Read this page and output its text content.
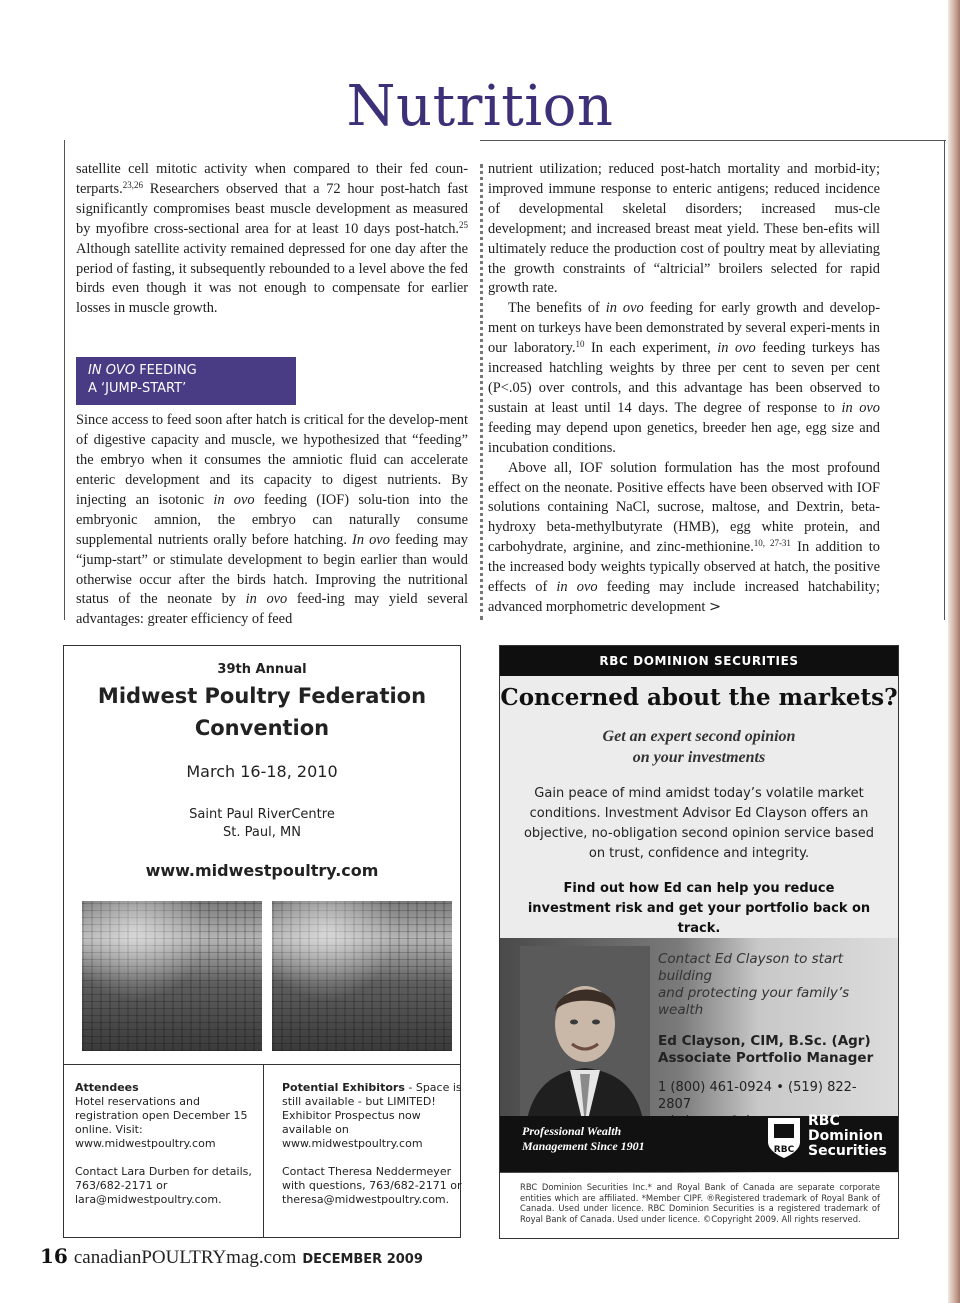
Nutrition

satellite cell mitotic activity when compared to their fed coun-terparts.$^{23,26}$ Researchers observed that a 72 hour post-hatch fast significantly compromises beast muscle development as measured by myofibre cross-sectional area for at least 10 days post-hatch.$^{25}$ Although satellite activity remained depressed for one day after the period of fasting, it subsequently rebounded to a level above the fed birds even though it was not enough to compensate for earlier losses in muscle growth.

IN OVO FEEDING
A ‘JUMP-START’

Since access to feed soon after hatch is critical for the develop-ment of digestive capacity and muscle, we hypothesized that “feeding” the embryo when it consumes the amniotic fluid can accelerate enteric development and its capacity to digest nutrients. By injecting an isotonic in ovo feeding (IOF) solu-tion into the embryonic amnion, the embryo can naturally consume supplemental nutrients orally before hatching. In ovo feeding may “jump-start” or stimulate development to begin earlier than would otherwise occur after the birds hatch. Improving the nutritional status of the neonate by in ovo feed-ing may yield several advantages: greater efficiency of feed

nutrient utilization; reduced post-hatch mortality and morbid-ity; improved immune response to enteric antigens; reduced incidence of developmental skeletal disorders; increased mus-cle development; and increased breast meat yield. These ben-efits will ultimately reduce the production cost of poultry meat by alleviating the growth constraints of “altricial” broilers selected for rapid growth rate.

The benefits of in ovo feeding for early growth and develop-ment on turkeys have been demonstrated by several experi-ments in our laboratory.$^{10}$ In each experiment, in ovo feeding turkeys has increased hatchling weights by three per cent to seven per cent (P<.05) over controls, and this advantage has been observed to sustain at least until 14 days. The degree of response to in ovo feeding may depend upon genetics, breeder hen age, egg size and incubation conditions.

Above all, IOF solution formulation has the most profound effect on the neonate. Positive effects have been observed with IOF solutions containing NaCl, sucrose, maltose, and Dextrin, beta-hydroxy beta-methylbutyrate (HMB), egg white protein, and carbohydrate, arginine, and zinc-methionine.$^{10, 27-31}$ In addition to the increased body weights typically observed at hatch, the positive effects of in ovo feeding may include increased hatchability; advanced morphometric development >

39th Annual
Midwest Poultry Federation
Convention
March 16-18, 2010
Saint Paul RiverCentre
St. Paul, MN
www.midwestpoultry.com

Attendees
Hotel reservations and registration open December 15 online. Visit: www.midwestpoultry.com

Contact Lara Durben for details, 763/682-2171 or lara@midwestpoultry.com.

Potential Exhibitors - Space is still available - but LIMITED! Exhibitor Prospectus now available on www.midwestpoultry.com

Contact Theresa Neddermeyer with questions, 763/682-2171 or theresa@midwestpoultry.com.

RBC DOMINION SECURITIES
Concerned about the markets?
Get an expert second opinion
on your investments
Gain peace of mind amidst today’s volatile market conditions. Investment Advisor Ed Clayson offers an objective, no-obligation second opinion service based on trust, confidence and integrity.
Find out how Ed can help you reduce investment risk and get your portfolio back on track.
Contact Ed Clayson to start building
and protecting your family’s wealth
Ed Clayson, CIM, B.Sc. (Agr)
Associate Portfolio Manager
1 (800) 461-0924 • (519) 822-2807
Professional Wealth
Management Since 1901	RBC
RBC
Dominion
Securities
RBC Dominion Securities Inc.* and Royal Bank of Canada are separate corporate entities which are affiliated. *Member CIPF. ®Registered trademark of Royal Bank of Canada. Used under licence. RBC Dominion Securities is a registered trademark of Royal Bank of Canada. Used under licence. ©Copyright 2009. All rights reserved.
16 canadianPOULTRYmag.com DECEMBER 2009
